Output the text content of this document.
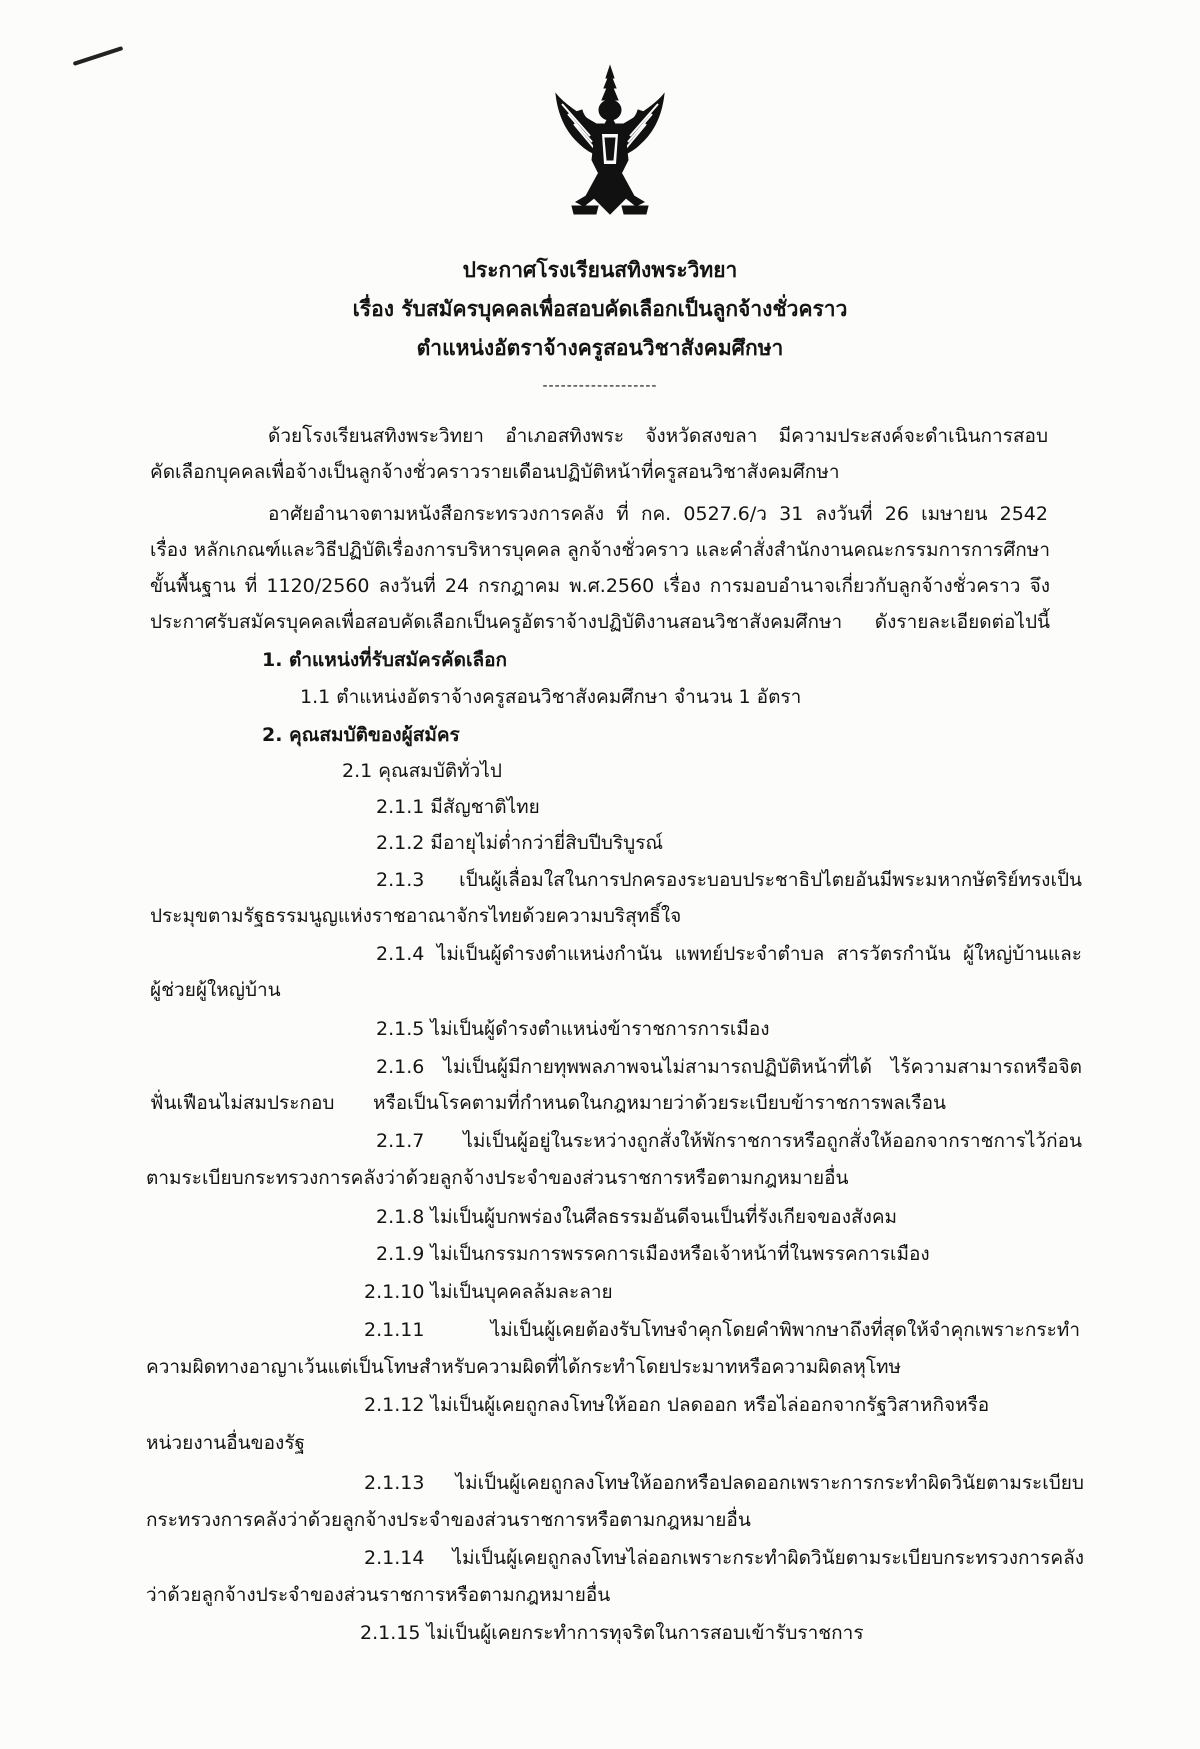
ประกาศโรงเรียนสทิงพระวิทยา
เรื่อง รับสมัครบุคคลเพื่อสอบคัดเลือกเป็นลูกจ้างชั่วคราว
ตำแหน่งอัตราจ้างครูสอนวิชาสังคมศึกษา
-------------------
ด้วยโรงเรียนสทิงพระวิทยา อำเภอสทิงพระ จังหวัดสงขลา มีความประสงค์จะดำเนินการสอบ
คัดเลือกบุคคลเพื่อจ้างเป็นลูกจ้างชั่วคราวรายเดือนปฏิบัติหน้าที่ครูสอนวิชาสังคมศึกษา
อาศัยอำนาจตามหนังสือกระทรวงการคลัง ที่ กค. 0527.6/ว 31 ลงวันที่ 26 เมษายน 2542
เรื่อง หลักเกณฑ์และวิธีปฏิบัติเรื่องการบริหารบุคคล ลูกจ้างชั่วคราว และคำสั่งสำนักงานคณะกรรมการการศึกษา
ขั้นพื้นฐาน ที่ 1120/2560 ลงวันที่ 24 กรกฎาคม พ.ศ.2560 เรื่อง การมอบอำนาจเกี่ยวกับลูกจ้างชั่วคราว จึง
ประกาศรับสมัครบุคคลเพื่อสอบคัดเลือกเป็นครูอัตราจ้างปฏิบัติงานสอนวิชาสังคมศึกษา ดังรายละเอียดต่อไปนี้
1. ตำแหน่งที่รับสมัครคัดเลือก
1.1 ตำแหน่งอัตราจ้างครูสอนวิชาสังคมศึกษา จำนวน 1 อัตรา
2. คุณสมบัติของผู้สมัคร
2.1 คุณสมบัติทั่วไป
2.1.1 มีสัญชาติไทย
2.1.2 มีอายุไม่ต่ำกว่ายี่สิบปีบริบูรณ์
2.1.3 เป็นผู้เลื่อมใสในการปกครองระบอบประชาธิปไตยอันมีพระมหากษัตริย์ทรงเป็น
ประมุขตามรัฐธรรมนูญแห่งราชอาณาจักรไทยด้วยความบริสุทธิ์ใจ
2.1.4 ไม่เป็นผู้ดำรงตำแหน่งกำนัน แพทย์ประจำตำบล สารวัตรกำนัน ผู้ใหญ่บ้านและ
ผู้ช่วยผู้ใหญ่บ้าน
2.1.5 ไม่เป็นผู้ดำรงตำแหน่งข้าราชการการเมือง
2.1.6 ไม่เป็นผู้มีกายทุพพลภาพจนไม่สามารถปฏิบัติหน้าที่ได้ ไร้ความสามารถหรือจิต
ฟั่นเฟือนไม่สมประกอบ หรือเป็นโรคตามที่กำหนดในกฎหมายว่าด้วยระเบียบข้าราชการพลเรือน
2.1.7 ไม่เป็นผู้อยู่ในระหว่างถูกสั่งให้พักราชการหรือถูกสั่งให้ออกจากราชการไว้ก่อน
ตามระเบียบกระทรวงการคลังว่าด้วยลูกจ้างประจำของส่วนราชการหรือตามกฎหมายอื่น
2.1.8 ไม่เป็นผู้บกพร่องในศีลธรรมอันดีจนเป็นที่รังเกียจของสังคม
2.1.9 ไม่เป็นกรรมการพรรคการเมืองหรือเจ้าหน้าที่ในพรรคการเมือง
2.1.10 ไม่เป็นบุคคลล้มละลาย
2.1.11 ไม่เป็นผู้เคยต้องรับโทษจำคุกโดยคำพิพากษาถึงที่สุดให้จำคุกเพราะกระทำ
ความผิดทางอาญาเว้นแต่เป็นโทษสำหรับความผิดที่ได้กระทำโดยประมาทหรือความผิดลหุโทษ
2.1.12 ไม่เป็นผู้เคยถูกลงโทษให้ออก ปลดออก หรือไล่ออกจากรัฐวิสาหกิจหรือ
หน่วยงานอื่นของรัฐ
2.1.13 ไม่เป็นผู้เคยถูกลงโทษให้ออกหรือปลดออกเพราะการกระทำผิดวินัยตามระเบียบ
กระทรวงการคลังว่าด้วยลูกจ้างประจำของส่วนราชการหรือตามกฎหมายอื่น
2.1.14 ไม่เป็นผู้เคยถูกลงโทษไล่ออกเพราะกระทำผิดวินัยตามระเบียบกระทรวงการคลัง
ว่าด้วยลูกจ้างประจำของส่วนราชการหรือตามกฎหมายอื่น
2.1.15 ไม่เป็นผู้เคยกระทำการทุจริตในการสอบเข้ารับราชการ
